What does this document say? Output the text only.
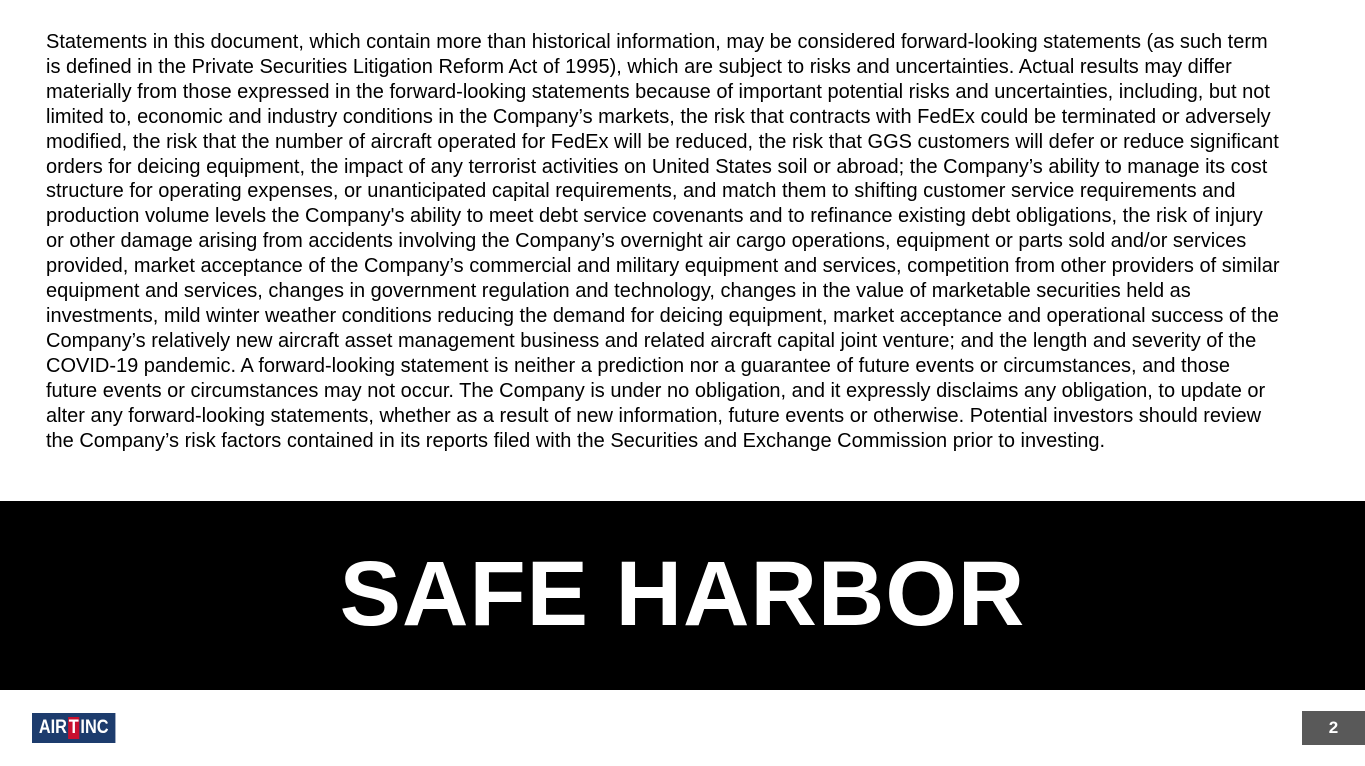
Statements in this document, which contain more than historical information, may be considered forward-looking statements (as such term is defined in the Private Securities Litigation Reform Act of 1995), which are subject to risks and uncertainties. Actual results may differ materially from those expressed in the forward-looking statements because of important potential risks and uncertainties, including, but not limited to, economic and industry conditions in the Company’s markets, the risk that contracts with FedEx could be terminated or adversely modified, the risk that the number of aircraft operated for FedEx will be reduced, the risk that GGS customers will defer or reduce significant orders for deicing equipment, the impact of any terrorist activities on United States soil or abroad; the Company’s ability to manage its cost structure for operating expenses, or unanticipated capital requirements, and match them to shifting customer service requirements and production volume levels the Company's ability to meet debt service covenants and to refinance existing debt obligations, the risk of injury or other damage arising from accidents involving the Company’s overnight air cargo operations, equipment or parts sold and/or services provided, market acceptance of the Company’s commercial and military equipment and services, competition from other providers of similar equipment and services, changes in government regulation and technology, changes in the value of marketable securities held as investments, mild winter weather conditions reducing the demand for deicing equipment, market acceptance and operational success of the Company’s relatively new aircraft asset management business and related aircraft capital joint venture; and the length and severity of the COVID-19 pandemic. A forward-looking statement is neither a prediction nor a guarantee of future events or circumstances, and those future events or circumstances may not occur. The Company is under no obligation, and it expressly disclaims any obligation, to update or alter any forward-looking statements, whether as a result of new information, future events or otherwise. Potential investors should review the Company’s risk factors contained in its reports filed with the Securities and Exchange Commission prior to investing.

SAFE HARBOR
AIR T INC	2
